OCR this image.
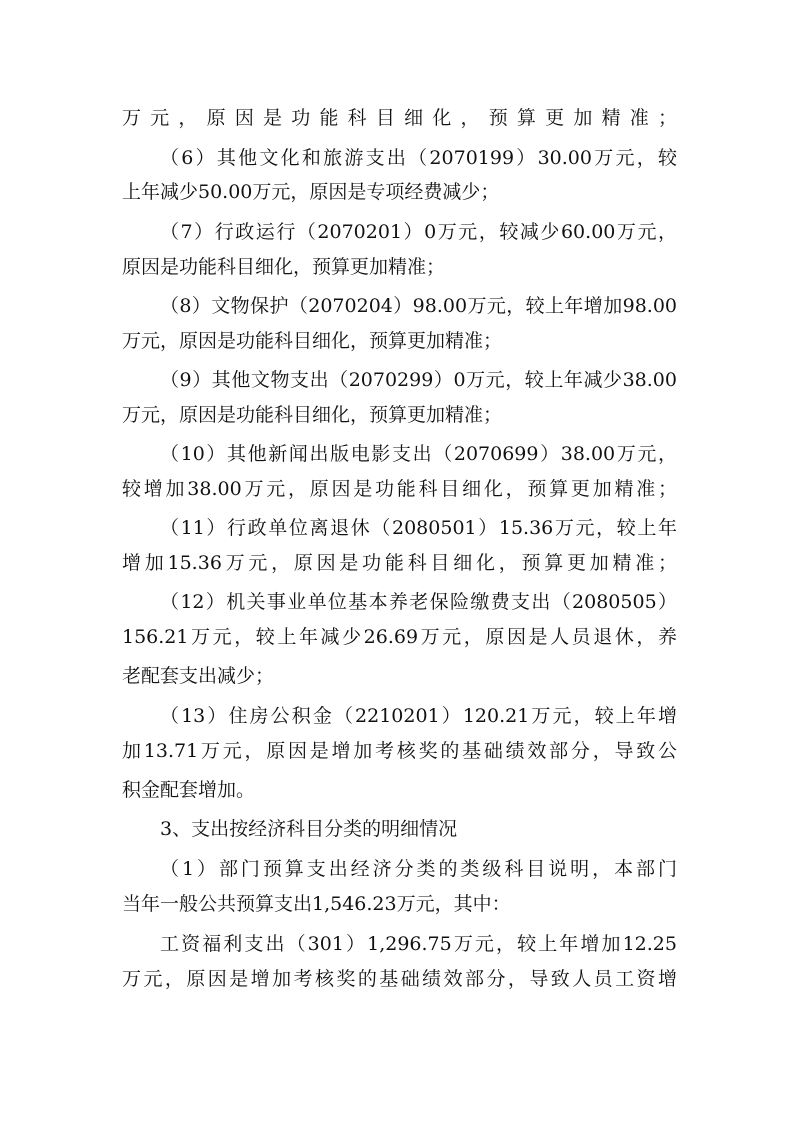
万元，原因是功能科目细化，预算更加精准；
（6）其他文化和旅游支出（2070199）30.00万元，较
上年减少50.00万元，原因是专项经费减少；
（7）行政运行（2070201）0万元，较减少60.00万元，
原因是功能科目细化，预算更加精准；
（8）文物保护（2070204）98.00万元，较上年增加98.00
万元，原因是功能科目细化，预算更加精准；
（9）其他文物支出（2070299）0万元，较上年减少38.00
万元，原因是功能科目细化，预算更加精准；
（10）其他新闻出版电影支出（2070699）38.00万元，
较增加38.00万元，原因是功能科目细化，预算更加精准；
（11）行政单位离退休（2080501）15.36万元，较上年
增加15.36万元，原因是功能科目细化，预算更加精准；
（12）机关事业单位基本养老保险缴费支出（2080505）
156.21万元，较上年减少26.69万元，原因是人员退休，养
老配套支出减少；
（13）住房公积金（2210201）120.21万元，较上年增
加13.71万元，原因是增加考核奖的基础绩效部分，导致公
积金配套增加。
3、支出按经济科目分类的明细情况
（1）部门预算支出经济分类的类级科目说明，本部门
当年一般公共预算支出1,546.23万元，其中：
工资福利支出（301）1,296.75万元，较上年增加12.25
万元，原因是增加考核奖的基础绩效部分，导致人员工资增
